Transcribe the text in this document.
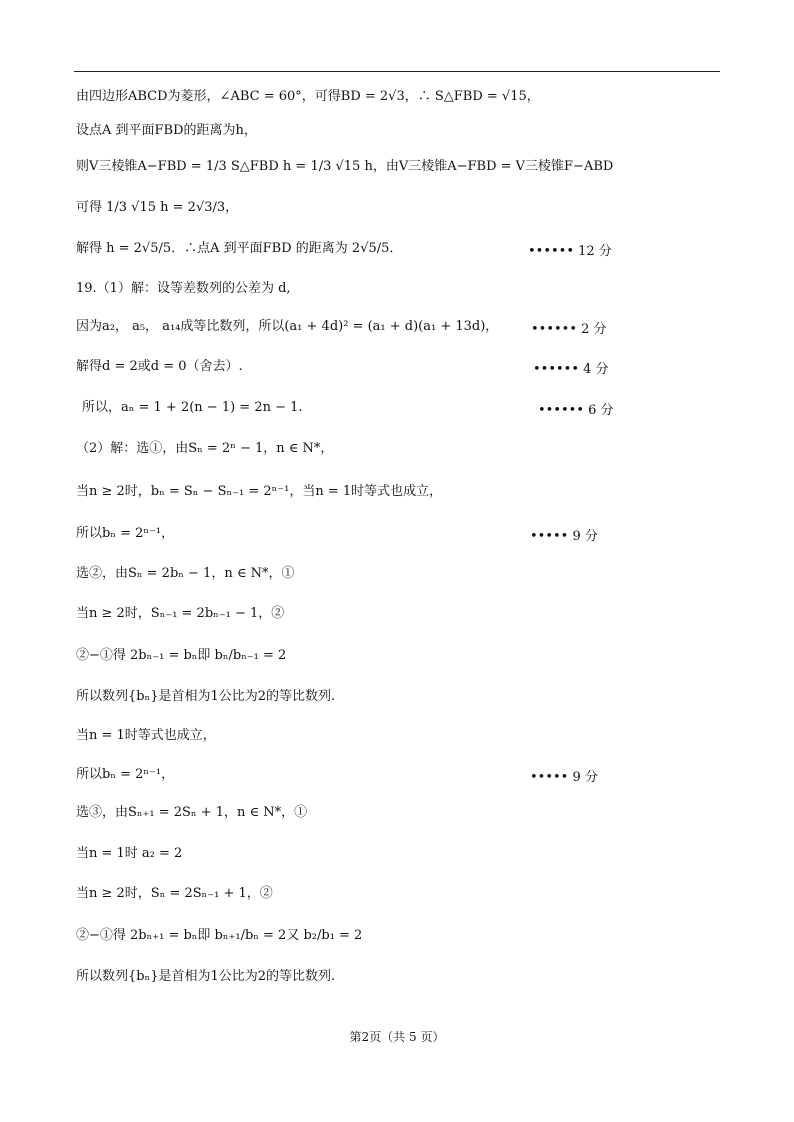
由四边形ABCD为菱形，∠ABC = 60°，可得BD = 2√3，∴ S△FBD = √15，
设点A 到平面FBD的距离为h，
则V三棱锥A−FBD = 1/3 S△FBD h = 1/3 √15 h，由V三棱锥A−FBD = V三棱锥F−ABD
可得 1/3 √15 h = 2√3/3，
解得 h = 2√5/5．∴点A 到平面FBD 的距离为 2√5/5．	•••••• 12 分
19.（1）解：设等差数列的公差为 d,
因为a₂， a₅， a₁₄成等比数列，所以(a₁ + 4d)² = (a₁ + d)(a₁ + 13d)，	•••••• 2 分
解得d = 2或d = 0（舍去）.	•••••• 4 分
所以，aₙ = 1 + 2(n − 1) = 2n − 1.	•••••• 6 分
（2）解：选①，由Sₙ = 2ⁿ − 1，n ∈ N*，
当n ≥ 2时，bₙ = Sₙ − Sₙ₋₁ = 2ⁿ⁻¹，当n = 1时等式也成立，
所以bₙ = 2ⁿ⁻¹，	••••• 9 分
选②，由Sₙ = 2bₙ − 1，n ∈ N*，①
当n ≥ 2时，Sₙ₋₁ = 2bₙ₋₁ − 1，②
②−①得 2bₙ₋₁ = bₙ即 bₙ/bₙ₋₁ = 2
所以数列{bₙ}是首相为1公比为2的等比数列.
当n = 1时等式也成立，
所以bₙ = 2ⁿ⁻¹，	••••• 9 分
选③，由Sₙ₊₁ = 2Sₙ + 1，n ∈ N*，①
当n = 1时 a₂ = 2
当n ≥ 2时，Sₙ = 2Sₙ₋₁ + 1，②
②−①得 2bₙ₊₁ = bₙ即 bₙ₊₁/bₙ = 2又 b₂/b₁ = 2
所以数列{bₙ}是首相为1公比为2的等比数列.
第2页（共 5 页）
